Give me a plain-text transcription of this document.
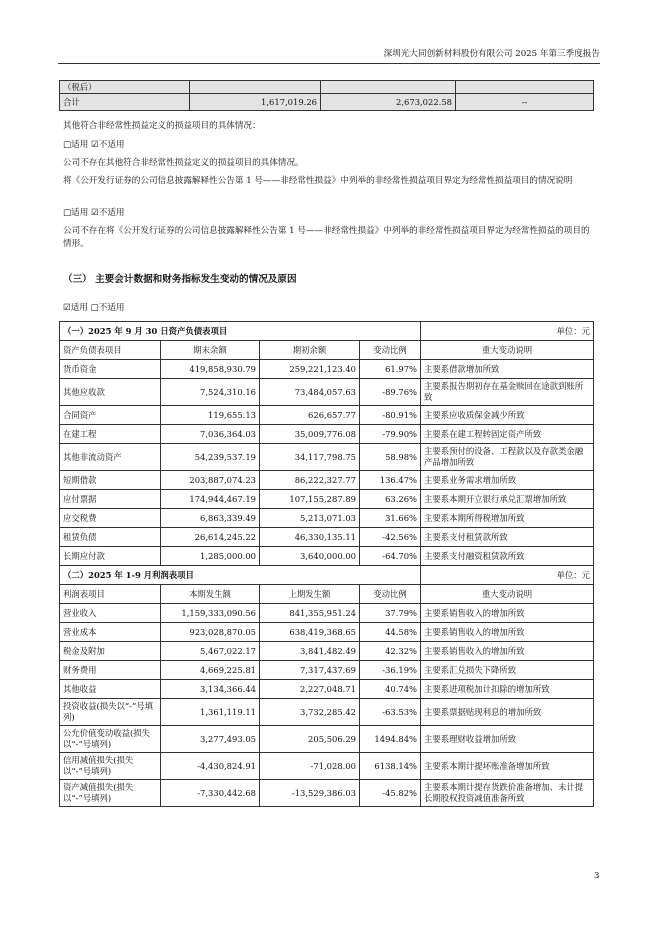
深圳光大同创新材料股份有限公司 2025 年第三季度报告
（税后）			
合计	1,617,019.26	2,673,022.58	--
其他符合非经常性损益定义的损益项目的具体情况：
□适用 ☑不适用
公司不存在其他符合非经常性损益定义的损益项目的具体情况。
将《公开发行证券的公司信息披露解释性公告第 1 号——非经常性损益》中列举的非经常性损益项目界定为经常性损益项目的情况说明
□适用 ☑不适用
公司不存在将《公开发行证券的公司信息披露解释性公告第 1 号——非经常性损益》中列举的非经常性损益项目界定为经常性损益的项目的情形。
（三） 主要会计数据和财务指标发生变动的情况及原因
☑适用 □不适用
（一）2025 年 9 月 30 日资产负债表项目				单位：元
资产负债表项目	期末余额	期初余额	变动比例	重大变动说明
货币资金	419,858,930.79	259,221,123.40	61.97%	主要系借款增加所致
其他应收款	7,524,310.16	73,484,057.63	-89.76%	主要系报告期初存在基金赎回在途款到账所致
合同资产	119,655.13	626,657.77	-80.91%	主要系应收质保金减少所致
在建工程	7,036,364.03	35,009,776.08	-79.90%	主要系在建工程转固定资产所致
其他非流动资产	54,239,537.19	34,117,798.75	58.98%	主要系预付的设备、工程款以及存款类金融产品增加所致
短期借款	203,887,074.23	86,222,327.77	136.47%	主要系业务需求增加所致
应付票据	174,944,467.19	107,155,287.89	63.26%	主要系本期开立银行承兑汇票增加所致
应交税费	6,863,339.49	5,213,071.03	31.66%	主要系本期所得税增加所致
租赁负债	26,614,245.22	46,330,135.11	-42.56%	主要系支付租赁款所致
长期应付款	1,285,000.00	3,640,000.00	-64.70%	主要系支付融资租赁款所致
（二）2025 年 1-9 月利润表项目				单位：元
利润表项目	本期发生额	上期发生额	变动比例	重大变动说明
营业收入	1,159,333,090.56	841,355,951.24	37.79%	主要系销售收入的增加所致
营业成本	923,028,870.05	638,419,368.65	44.58%	主要系销售收入的增加所致
税金及附加	5,467,022.17	3,841,482.49	42.32%	主要系销售收入的增加所致
财务费用	4,669,225.81	7,317,437.69	-36.19%	主要系汇兑损失下降所致
其他收益	3,134,366.44	2,227,048.71	40.74%	主要系进项税加计扣除的增加所致
投资收益(损失以“-”号填列)	1,361,119.11	3,732,285.42	-63.53%	主要系票据贴现利息的增加所致
公允价值变动收益(损失以“-”号填列)	3,277,493.05	205,506.29	1494.84%	主要系理财收益增加所致
信用减值损失(损失以“-”号填列)	-4,430,824.91	-71,028.00	6138.14%	主要系本期计提坏账准备增加所致
资产减值损失(损失以“-”号填列)	-7,330,442.68	-13,529,386.03	-45.82%	主要系本期计提存货跌价准备增加、未计提长期股权投资减值准备所致
3
